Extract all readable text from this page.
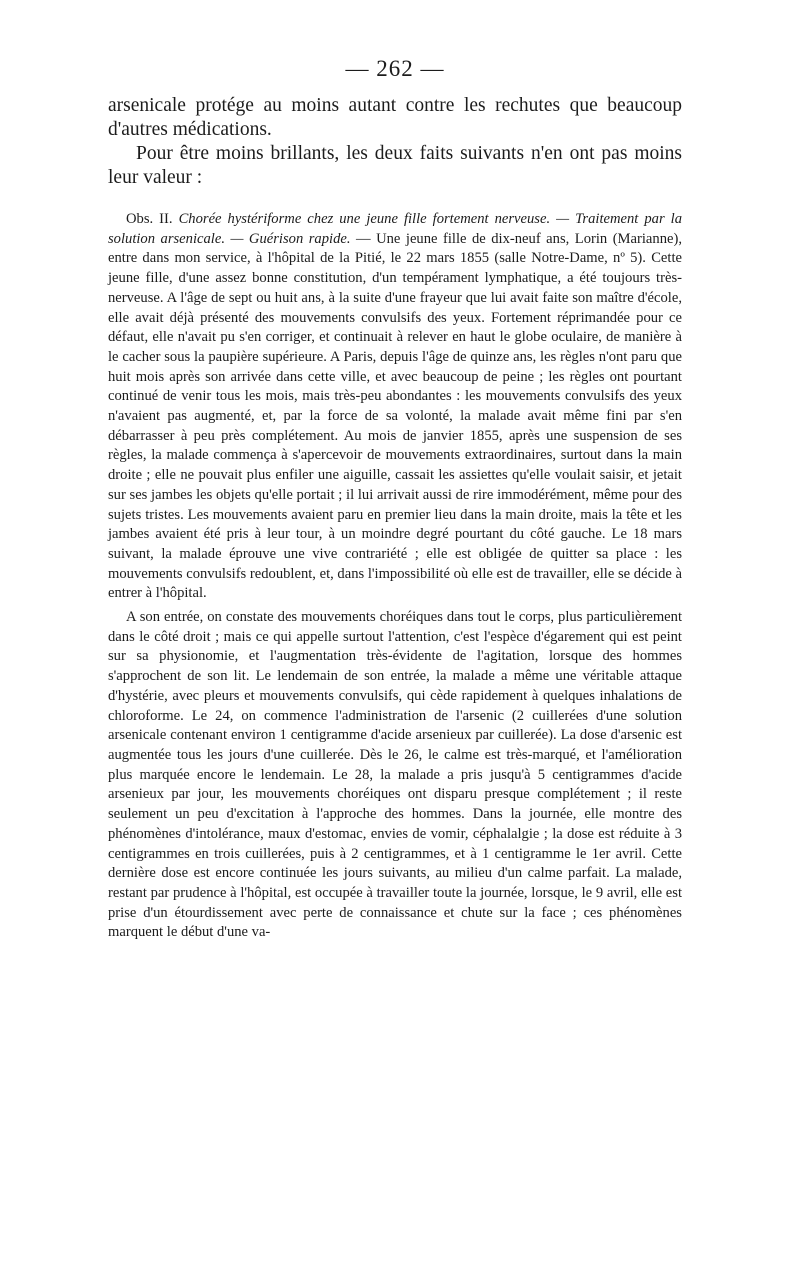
— 262 —

arsenicale protége au moins autant contre les rechutes que beaucoup d'autres médications.

Pour être moins brillants, les deux faits suivants n'en ont pas moins leur valeur :

Obs. II. Chorée hystériforme chez une jeune fille fortement nerveuse. — Traitement par la solution arsenicale. — Guérison rapide. — Une jeune fille de dix-neuf ans, Lorin (Marianne), entre dans mon service, à l'hôpital de la Pitié, le 22 mars 1855 (salle Notre-Dame, nº 5). Cette jeune fille, d'une assez bonne constitution, d'un tempérament lymphatique, a été toujours très-nerveuse. A l'âge de sept ou huit ans, à la suite d'une frayeur que lui avait faite son maître d'école, elle avait déjà présenté des mouvements convulsifs des yeux. Fortement réprimandée pour ce défaut, elle n'avait pu s'en corriger, et continuait à relever en haut le globe oculaire, de manière à le cacher sous la paupière supérieure. A Paris, depuis l'âge de quinze ans, les règles n'ont paru que huit mois après son arrivée dans cette ville, et avec beaucoup de peine ; les règles ont pourtant continué de venir tous les mois, mais très-peu abondantes : les mouvements convulsifs des yeux n'avaient pas augmenté, et, par la force de sa volonté, la malade avait même fini par s'en débarrasser à peu près complétement. Au mois de janvier 1855, après une suspension de ses règles, la malade commença à s'apercevoir de mouvements extraordinaires, surtout dans la main droite ; elle ne pouvait plus enfiler une aiguille, cassait les assiettes qu'elle voulait saisir, et jetait sur ses jambes les objets qu'elle portait ; il lui arrivait aussi de rire immodérément, même pour des sujets tristes. Les mouvements avaient paru en premier lieu dans la main droite, mais la tête et les jambes avaient été pris à leur tour, à un moindre degré pourtant du côté gauche. Le 18 mars suivant, la malade éprouve une vive contrariété ; elle est obligée de quitter sa place : les mouvements convulsifs redoublent, et, dans l'impossibilité où elle est de travailler, elle se décide à entrer à l'hôpital.

A son entrée, on constate des mouvements choréiques dans tout le corps, plus particulièrement dans le côté droit ; mais ce qui appelle surtout l'attention, c'est l'espèce d'égarement qui est peint sur sa physionomie, et l'augmentation très-évidente de l'agitation, lorsque des hommes s'approchent de son lit. Le lendemain de son entrée, la malade a même une véritable attaque d'hystérie, avec pleurs et mouvements convulsifs, qui cède rapidement à quelques inhalations de chloroforme. Le 24, on commence l'administration de l'arsenic (2 cuillerées d'une solution arsenicale contenant environ 1 centigramme d'acide arsenieux par cuillerée). La dose d'arsenic est augmentée tous les jours d'une cuillerée. Dès le 26, le calme est très-marqué, et l'amélioration plus marquée encore le lendemain. Le 28, la malade a pris jusqu'à 5 centigrammes d'acide arsenieux par jour, les mouvements choréiques ont disparu presque complétement ; il reste seulement un peu d'excitation à l'approche des hommes. Dans la journée, elle montre des phénomènes d'intolérance, maux d'estomac, envies de vomir, céphalalgie ; la dose est réduite à 3 centigrammes en trois cuillerées, puis à 2 centigrammes, et à 1 centigramme le 1er avril. Cette dernière dose est encore continuée les jours suivants, au milieu d'un calme parfait. La malade, restant par prudence à l'hôpital, est occupée à travailler toute la journée, lorsque, le 9 avril, elle est prise d'un étourdissement avec perte de connaissance et chute sur la face ; ces phénomènes marquent le début d'une va-
